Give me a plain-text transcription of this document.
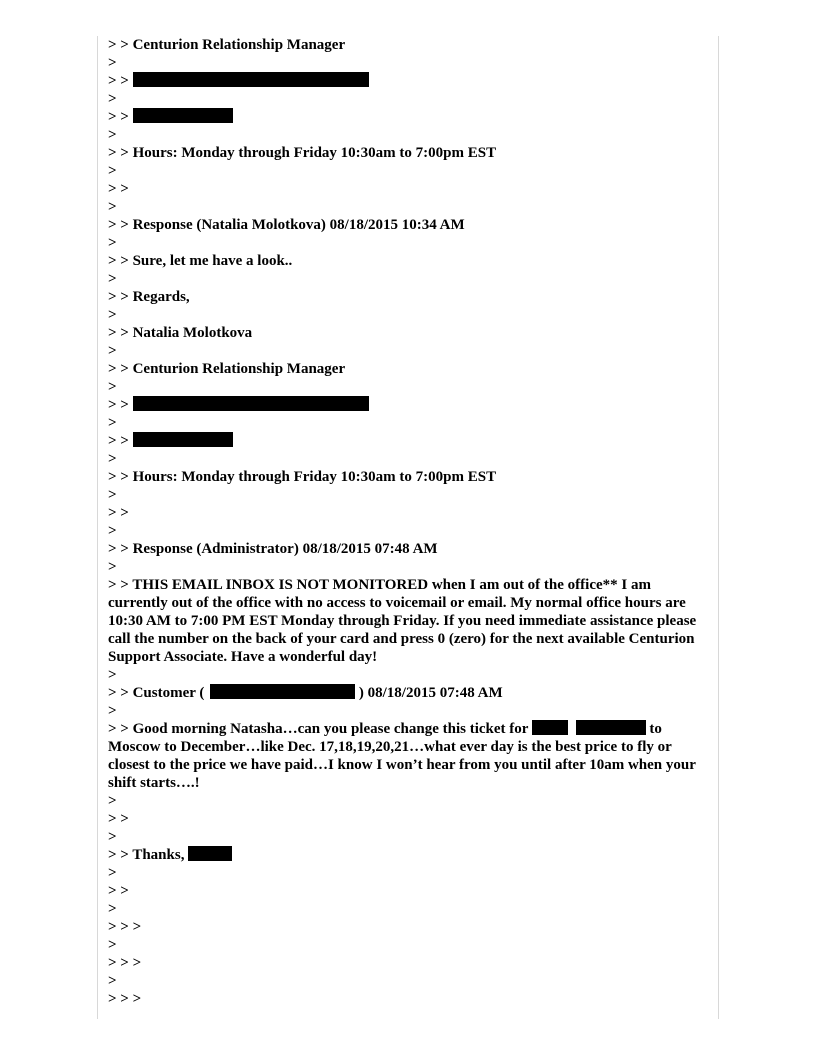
> > Centurion Relationship Manager
>
> >
>
> >
>
> > Hours: Monday through Friday 10:30am to 7:00pm EST
>
> >
>
> > Response (Natalia Molotkova) 08/18/2015 10:34 AM
>
> > Sure, let me have a look..
>
> > Regards,
>
> > Natalia Molotkova
>
> > Centurion Relationship Manager
>
> >
>
> >
>
> > Hours: Monday through Friday 10:30am to 7:00pm EST
>
> >
>
> > Response (Administrator) 08/18/2015 07:48 AM
>
> > THIS EMAIL INBOX IS NOT MONITORED when I am out of the office** I am currently out of the office with no access to voicemail or email. My normal office hours are 10:30 AM to 7:00 PM EST Monday through Friday. If you need immediate assistance please call the number on the back of your card and press 0 (zero) for the next available Centurion Support Associate. Have a wonderful day!
>
> > Customer (	) 08/18/2015 07:48 AM
>
> > Good morning Natasha…can you please change this ticket for	to Moscow to December…like Dec. 17,18,19,20,21…what ever day is the best price to fly or closest to the price we have paid…I know I won’t hear from you until after 10am when your shift starts….!
>
> >
>
> > Thanks,
>
> >
>
> > >
>
> > >
>
> > >
